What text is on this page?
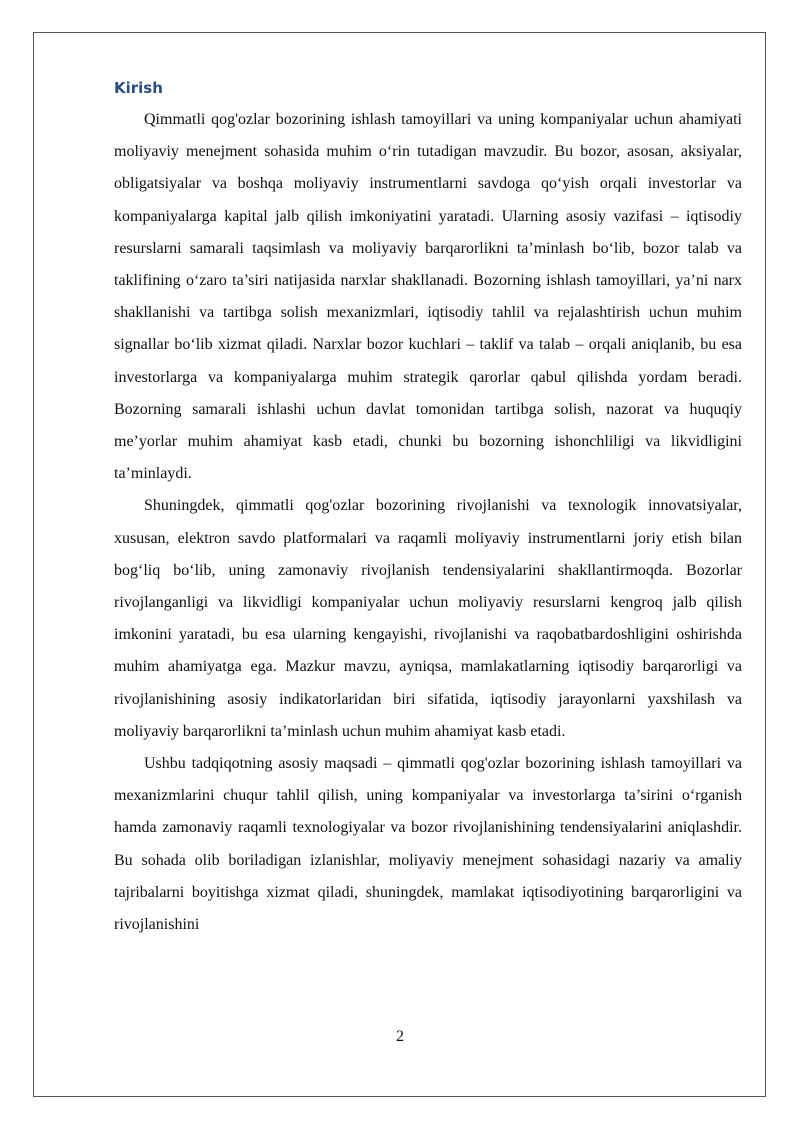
Kirish

Qimmatli qog'ozlar bozorining ishlash tamoyillari va uning kompaniyalar uchun ahamiyati moliyaviy menejment sohasida muhim o‘rin tutadigan mavzudir. Bu bozor, asosan, aksiyalar, obligatsiyalar va boshqa moliyaviy instrumentlarni savdoga qo‘yish orqali investorlar va kompaniyalarga kapital jalb qilish imkoniyatini yaratadi. Ularning asosiy vazifasi – iqtisodiy resurslarni samarali taqsimlash va moliyaviy barqarorlikni ta’minlash bo‘lib, bozor talab va taklifining o‘zaro ta’siri natijasida narxlar shakllanadi. Bozorning ishlash tamoyillari, ya’ni narx shakllanishi va tartibga solish mexanizmlari, iqtisodiy tahlil va rejalashtirish uchun muhim signallar bo‘lib xizmat qiladi. Narxlar bozor kuchlari – taklif va talab – orqali aniqlanib, bu esa investorlarga va kompaniyalarga muhim strategik qarorlar qabul qilishda yordam beradi. Bozorning samarali ishlashi uchun davlat tomonidan tartibga solish, nazorat va huquqiy me’yorlar muhim ahamiyat kasb etadi, chunki bu bozorning ishonchliligi va likvidligini ta’minlaydi.

Shuningdek, qimmatli qog'ozlar bozorining rivojlanishi va texnologik innovatsiyalar, xususan, elektron savdo platformalari va raqamli moliyaviy instrumentlarni joriy etish bilan bog‘liq bo‘lib, uning zamonaviy rivojlanish tendensiyalarini shakllantirmoqda. Bozorlar rivojlanganligi va likvidligi kompaniyalar uchun moliyaviy resurslarni kengroq jalb qilish imkonini yaratadi, bu esa ularning kengayishi, rivojlanishi va raqobatbardoshligini oshirishda muhim ahamiyatga ega. Mazkur mavzu, ayniqsa, mamlakatlarning iqtisodiy barqarorligi va rivojlanishining asosiy indikatorlaridan biri sifatida, iqtisodiy jarayonlarni yaxshilash va moliyaviy barqarorlikni ta’minlash uchun muhim ahamiyat kasb etadi.

Ushbu tadqiqotning asosiy maqsadi – qimmatli qog'ozlar bozorining ishlash tamoyillari va mexanizmlarini chuqur tahlil qilish, uning kompaniyalar va investorlarga ta’sirini o‘rganish hamda zamonaviy raqamli texnologiyalar va bozor rivojlanishining tendensiyalarini aniqlashdir. Bu sohada olib boriladigan izlanishlar, moliyaviy menejment sohasidagi nazariy va amaliy tajribalarni boyitishga xizmat qiladi, shuningdek, mamlakat iqtisodiyotining barqarorligini va rivojlanishini

2
